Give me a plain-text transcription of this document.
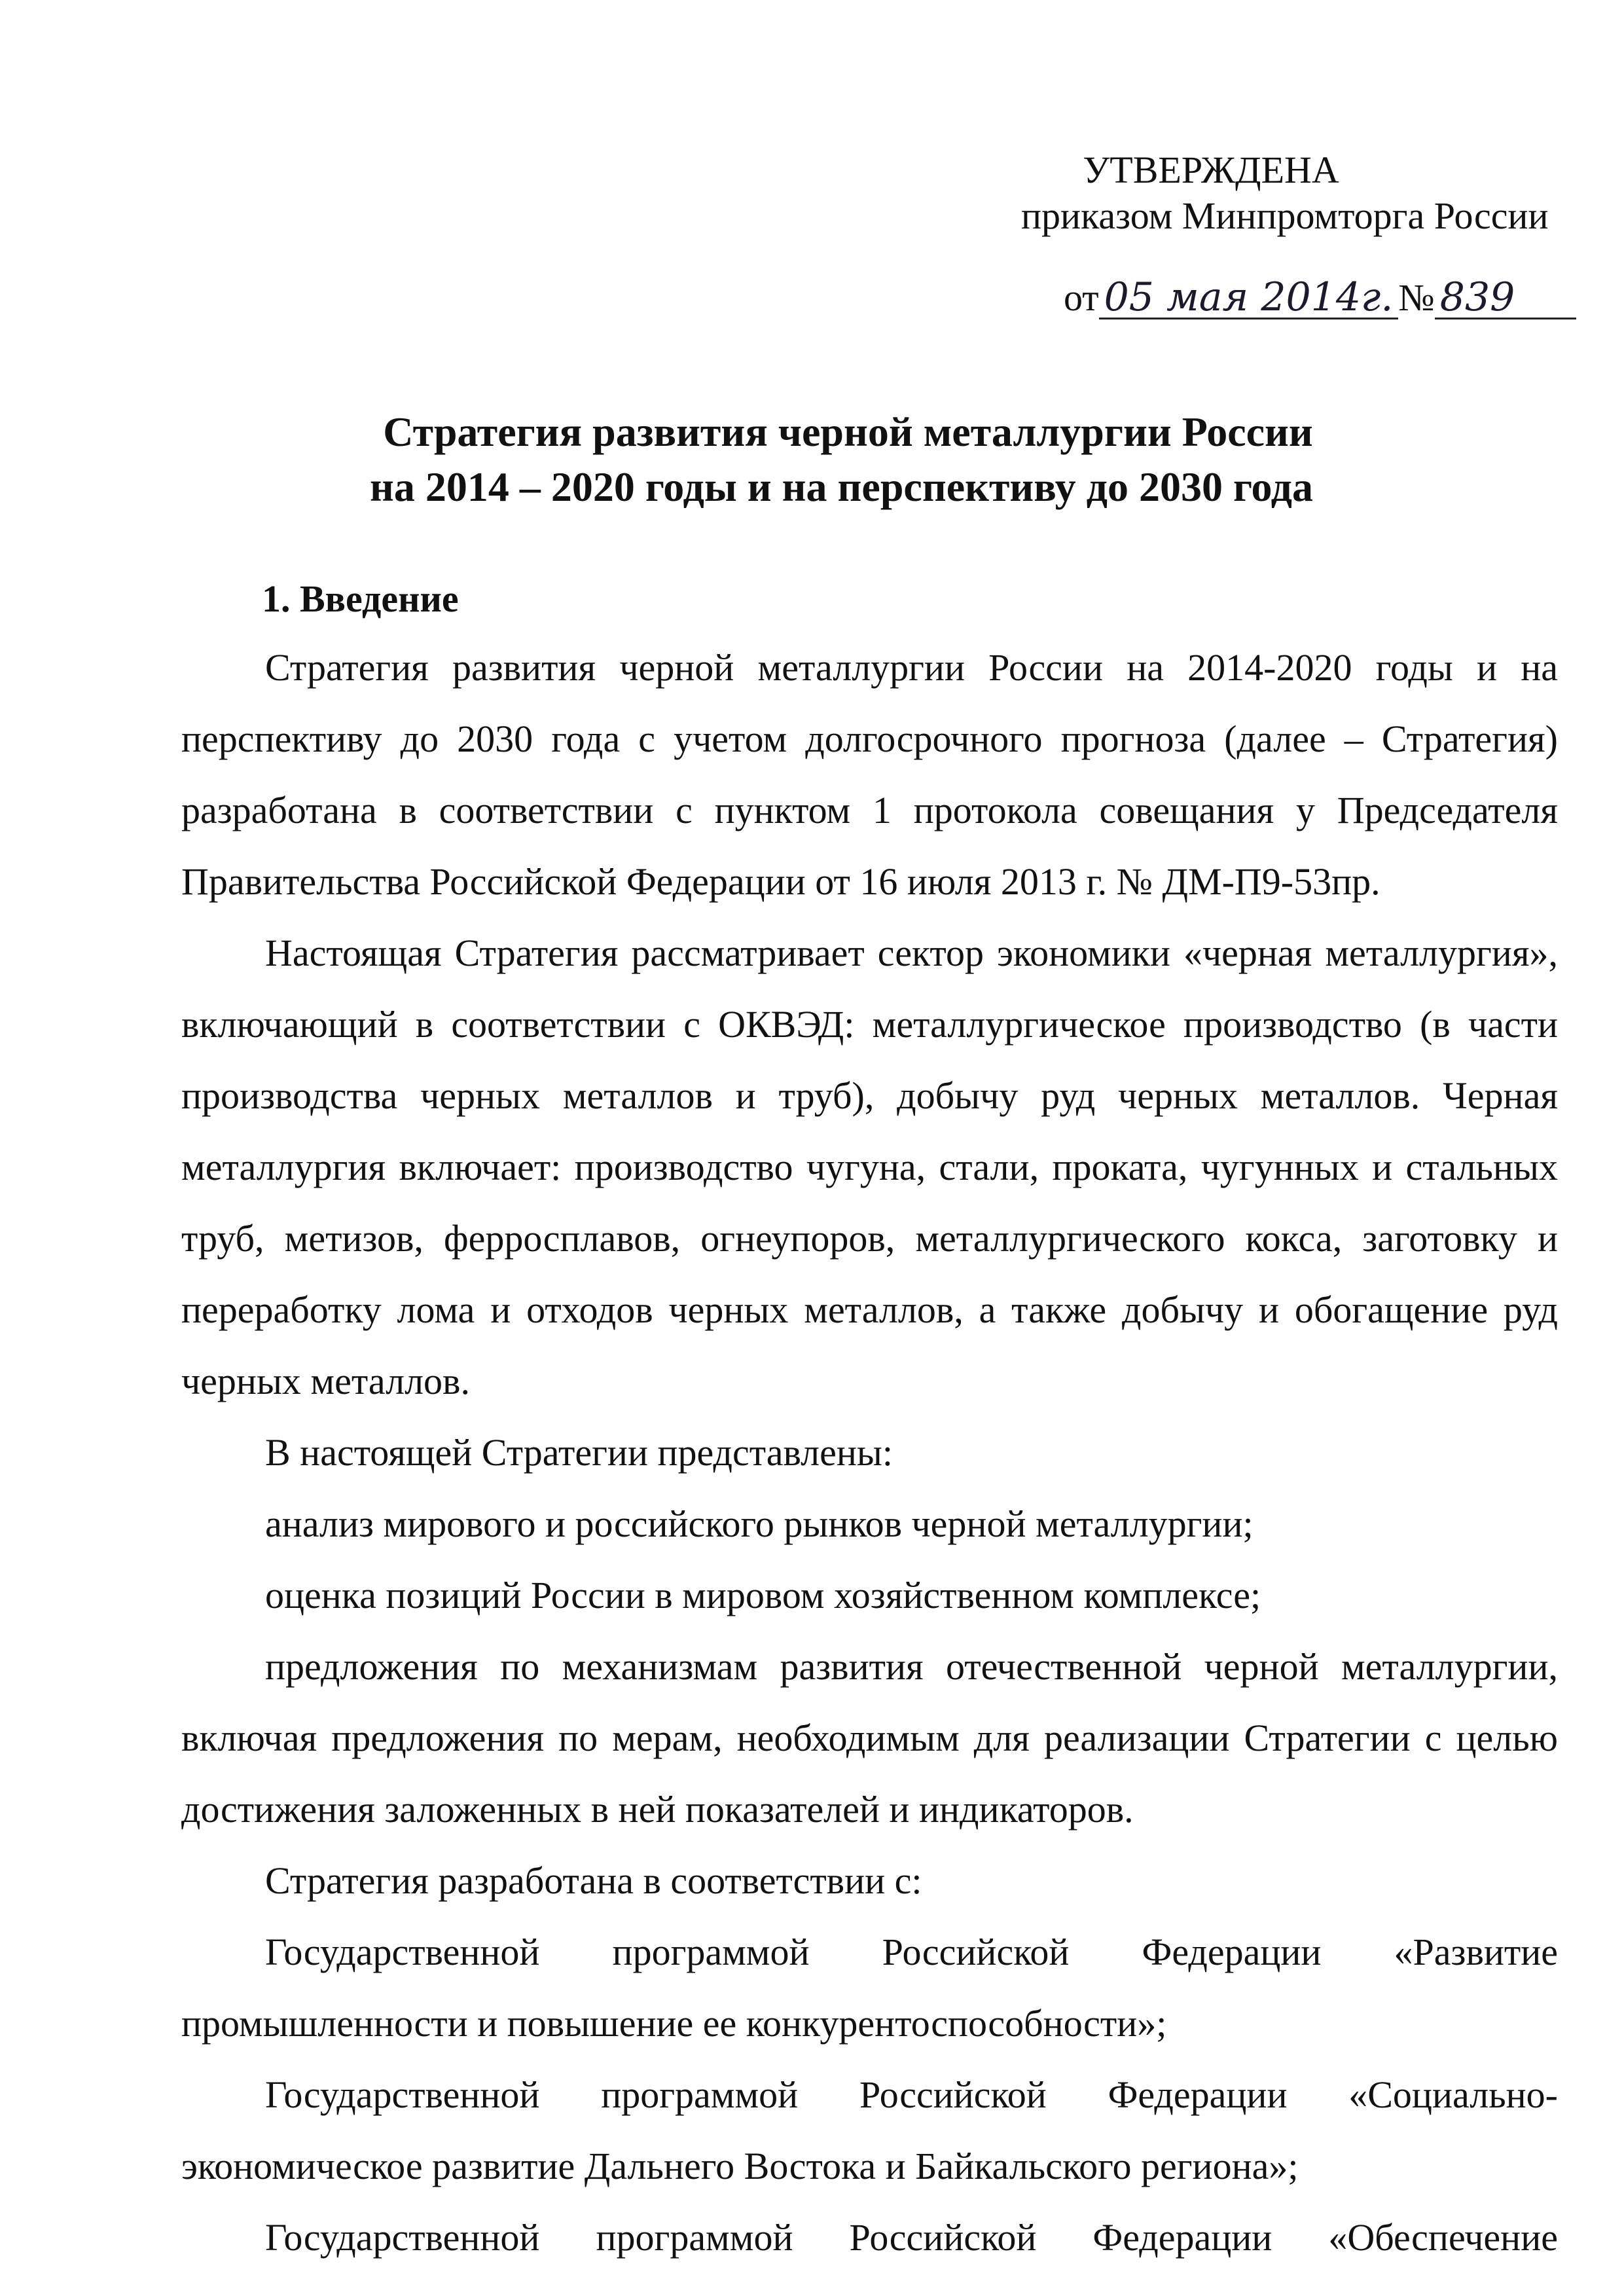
УТВЕРЖДЕНА
приказом Минпромторга России
от 05 мая 2014г. № 839
Стратегия развития черной металлургии России
на 2014 – 2020 годы и на перспективу до 2030 года
1. Введение

Стратегия развития черной металлургии России на 2014-2020 годы и на перспективу до 2030 года с учетом долгосрочного прогноза (далее – Стратегия) разработана в соответствии с пунктом 1 протокола совещания у Председателя Правительства Российской Федерации от 16 июля 2013 г. № ДМ-П9-53пр.

Настоящая Стратегия рассматривает сектор экономики «черная металлургия», включающий в соответствии с ОКВЭД: металлургическое производство (в части производства черных металлов и труб), добычу руд черных металлов. Черная металлургия включает: производство чугуна, стали, проката, чугунных и стальных труб, метизов, ферросплавов, огнеупоров, металлургического кокса, заготовку и переработку лома и отходов черных металлов, а также добычу и обогащение руд черных металлов.

В настоящей Стратегии представлены:

анализ мирового и российского рынков черной металлургии;

оценка позиций России в мировом хозяйственном комплексе;

предложения по механизмам развития отечественной черной металлургии, включая предложения по мерам, необходимым для реализации Стратегии с целью достижения заложенных в ней показателей и индикаторов.

Стратегия разработана в соответствии с:

Государственной программой Российской Федерации «Развитие промышленности и повышение ее конкурентоспособности»;

Государственной программой Российской Федерации «Социально-экономическое развитие Дальнего Востока и Байкальского региона»;

Государственной программой Российской Федерации «Обеспечение
